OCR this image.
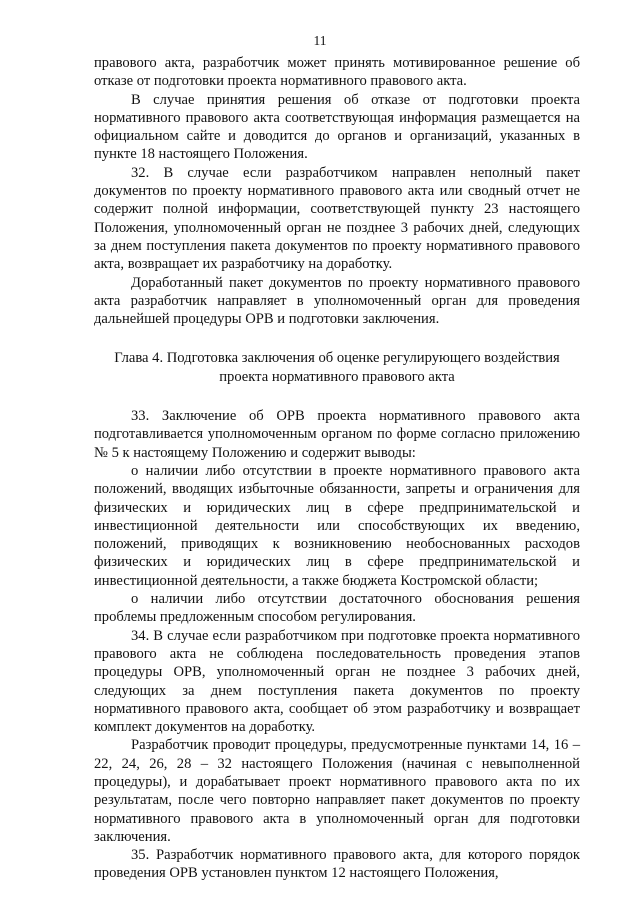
11

правового акта, разработчик может принять мотивированное решение об отказе от подготовки проекта нормативного правового акта.

В случае принятия решения об отказе от подготовки проекта нормативного правового акта соответствующая информация размещается на официальном сайте и доводится до органов и организаций, указанных в пункте 18 настоящего Положения.

32. В случае если разработчиком направлен неполный пакет документов по проекту нормативного правового акта или сводный отчет не содержит полной информации, соответствующей пункту 23 настоящего Положения, уполномоченный орган не позднее 3 рабочих дней, следующих за днем поступления пакета документов по проекту нормативного правового акта, возвращает их разработчику на доработку.

Доработанный пакет документов по проекту нормативного правового акта разработчик направляет в уполномоченный орган для проведения дальнейшей процедуры ОРВ и подготовки заключения.

Глава 4. Подготовка заключения об оценке регулирующего воздействия проекта нормативного правового акта

33. Заключение об ОРВ проекта нормативного правового акта подготавливается уполномоченным органом по форме согласно приложению № 5 к настоящему Положению и содержит выводы:

о наличии либо отсутствии в проекте нормативного правового акта положений, вводящих избыточные обязанности, запреты и ограничения для физических и юридических лиц в сфере предпринимательской и инвестиционной деятельности или способствующих их введению, положений, приводящих к возникновению необоснованных расходов физических и юридических лиц в сфере предпринимательской и инвестиционной деятельности, а также бюджета Костромской области;

о наличии либо отсутствии достаточного обоснования решения проблемы предложенным способом регулирования.

34. В случае если разработчиком при подготовке проекта нормативного правового акта не соблюдена последовательность проведения этапов процедуры ОРВ, уполномоченный орган не позднее 3 рабочих дней, следующих за днем поступления пакета документов по проекту нормативного правового акта, сообщает об этом разработчику и возвращает комплект документов на доработку.

Разработчик проводит процедуры, предусмотренные пунктами 14, 16 – 22, 24, 26, 28 – 32 настоящего Положения (начиная с невыполненной процедуры), и дорабатывает проект нормативного правового акта по их результатам, после чего повторно направляет пакет документов по проекту нормативного правового акта в уполномоченный орган для подготовки заключения.

35. Разработчик нормативного правового акта, для которого порядок проведения ОРВ установлен пунктом 12 настоящего Положения,
